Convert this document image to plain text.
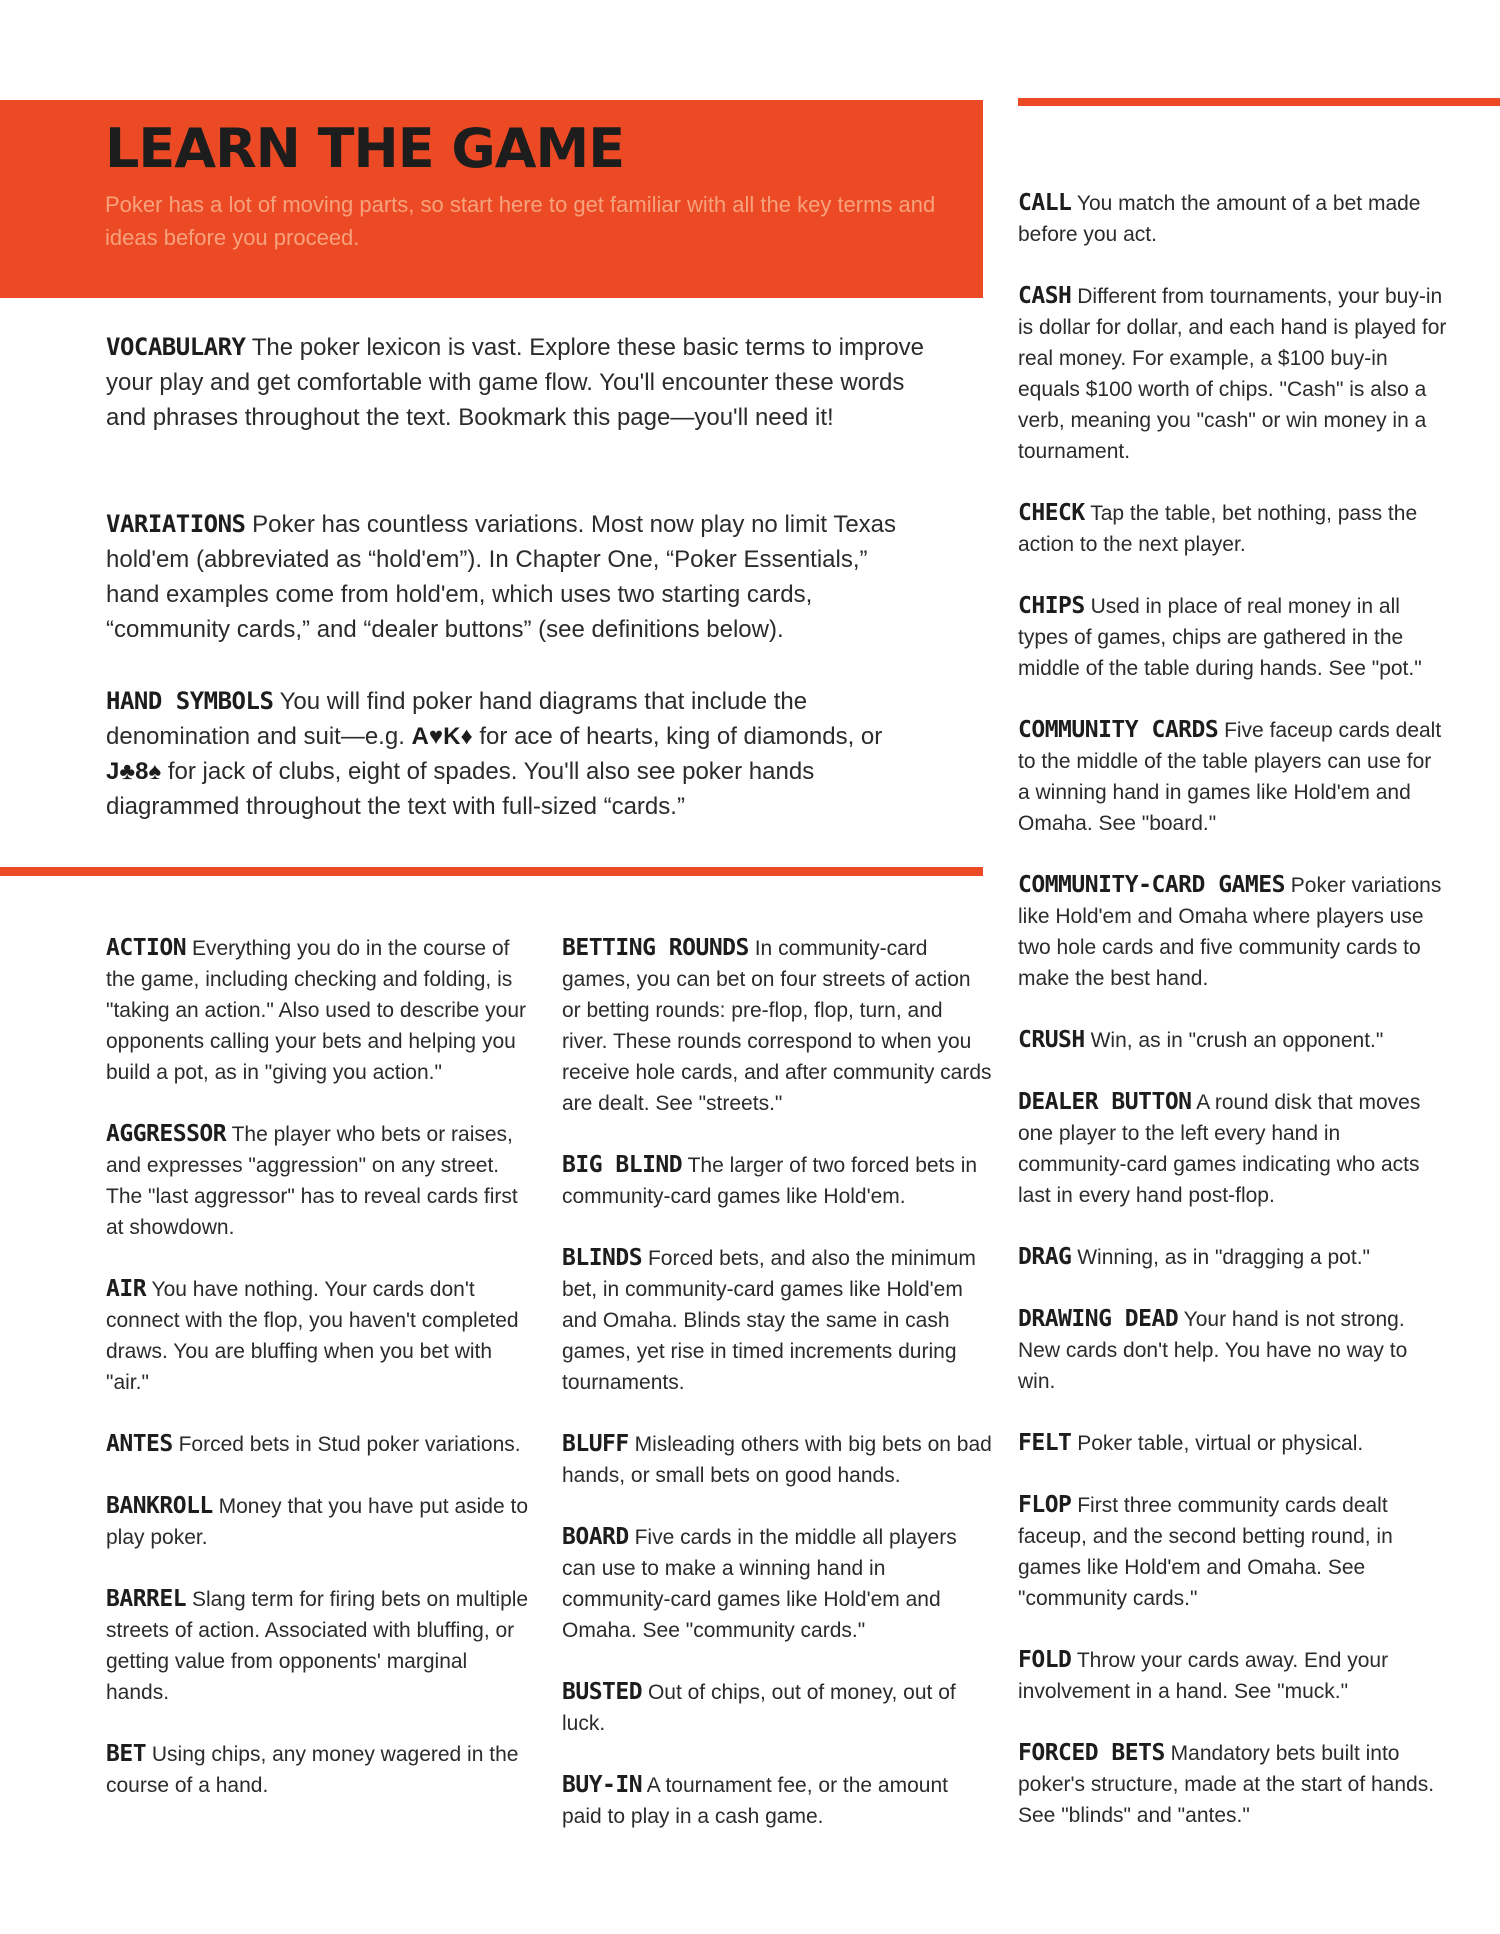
LEARN THE GAME
Poker has a lot of moving parts, so start here to get familiar with all the key terms and ideas before you proceed.

VOCABULARY The poker lexicon is vast. Explore these basic terms to improve your play and get comfortable with game flow. You'll encounter these words and phrases throughout the text. Bookmark this page—you'll need it!

VARIATIONS Poker has countless variations. Most now play no limit Texas hold'em (abbreviated as “hold'em”). In Chapter One, “Poker Essentials,” hand examples come from hold'em, which uses two starting cards, “community cards,” and “dealer buttons” (see definitions below).

HAND SYMBOLS You will find poker hand diagrams that include the denomination and suit—e.g. A♥K♦ for ace of hearts, king of diamonds, or J♣8♠ for jack of clubs, eight of spades. You'll also see poker hands diagrammed throughout the text with full-sized “cards.”

ACTION Everything you do in the course of the game, including checking and folding, is "taking an action." Also used to describe your opponents calling your bets and helping you build a pot, as in "giving you action."

AGGRESSOR The player who bets or raises, and expresses "aggression" on any street. The "last aggressor" has to reveal cards first at showdown.

AIR You have nothing. Your cards don't connect with the flop, you haven't completed draws. You are bluffing when you bet with "air."

ANTES Forced bets in Stud poker variations.

BANKROLL Money that you have put aside to play poker.

BARREL Slang term for firing bets on multiple streets of action. Associated with bluffing, or getting value from opponents' marginal hands.

BET Using chips, any money wagered in the course of a hand.

BETTING ROUNDS In community-card games, you can bet on four streets of action or betting rounds: pre-flop, flop, turn, and river. These rounds correspond to when you receive hole cards, and after community cards are dealt. See "streets."

BIG BLIND The larger of two forced bets in community-card games like Hold'em.

BLINDS Forced bets, and also the minimum bet, in community-card games like Hold'em and Omaha. Blinds stay the same in cash games, yet rise in timed increments during tournaments.

BLUFF Misleading others with big bets on bad hands, or small bets on good hands.

BOARD Five cards in the middle all players can use to make a winning hand in community-card games like Hold'em and Omaha. See "community cards."

BUSTED Out of chips, out of money, out of luck.

BUY-IN A tournament fee, or the amount paid to play in a cash game.

CALL You match the amount of a bet made before you act.

CASH Different from tournaments, your buy-in is dollar for dollar, and each hand is played for real money. For example, a $100 buy-in equals $100 worth of chips. "Cash" is also a verb, meaning you "cash" or win money in a tournament.

CHECK Tap the table, bet nothing, pass the action to the next player.

CHIPS Used in place of real money in all types of games, chips are gathered in the middle of the table during hands. See "pot."

COMMUNITY CARDS Five faceup cards dealt to the middle of the table players can use for a winning hand in games like Hold'em and Omaha. See "board."

COMMUNITY-CARD GAMES Poker variations like Hold'em and Omaha where players use two hole cards and five community cards to make the best hand.

CRUSH Win, as in "crush an opponent."

DEALER BUTTON A round disk that moves one player to the left every hand in community-card games indicating who acts last in every hand post-flop.

DRAG Winning, as in "dragging a pot."

DRAWING DEAD Your hand is not strong. New cards don't help. You have no way to win.

FELT Poker table, virtual or physical.

FLOP First three community cards dealt faceup, and the second betting round, in games like Hold'em and Omaha. See "community cards."

FOLD Throw your cards away. End your involvement in a hand. See "muck."

FORCED BETS Mandatory bets built into poker's structure, made at the start of hands. See "blinds" and "antes."
